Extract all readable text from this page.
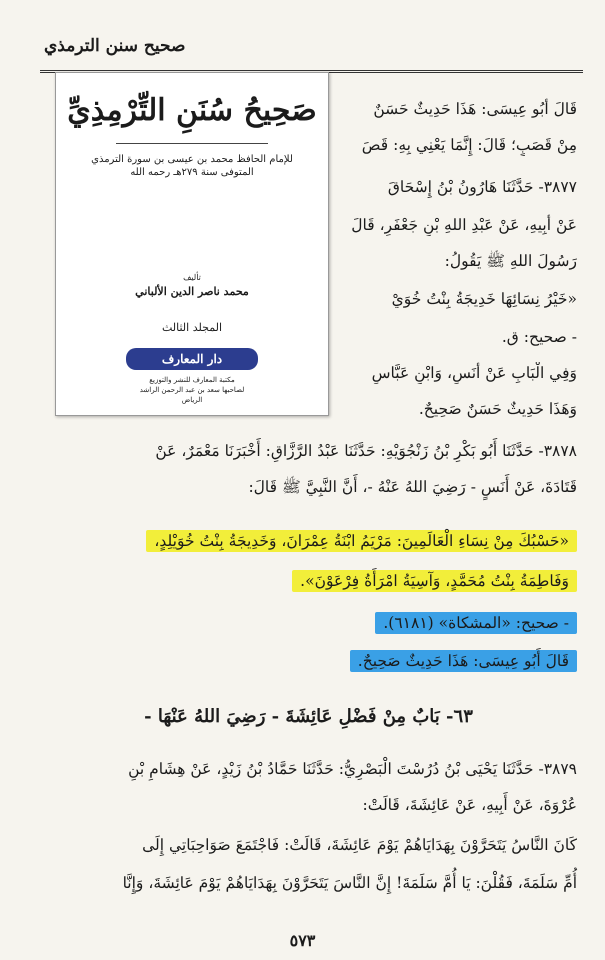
صحيح سنن الترمذي
قَالَ أَبُو عِيسَى: هَذَا حَدِيثٌ حَسَنٌ
مِنْ قَصَبٍ؛ قَالَ: إِنَّمَا يَعْنِي بِهِ: قَصَ
٣٨٧٧- حَدَّثَنَا هَارُونُ بْنُ إِسْحَاقَ
عَنْ أَبِيهِ، عَنْ عَبْدِ اللهِ بْنِ جَعْفَرٍ، قَالَ
رَسُولَ اللهِ ﷺ يَقُولُ:
«خَيْرُ نِسَائِهَا خَدِيجَةُ بِنْتُ خُوَيْ
- صحيح: ق.
وَفِي الْبَابِ عَنْ أَنَسٍ، وَابْنِ عَبَّاسٍ
وَهَذَا حَدِيثٌ حَسَنٌ صَحِيحٌ.
صَحِيحُ سُنَنِ التِّرْمِذِيِّ
للإمام الحافظ محمد بن عيسى بن سورة الترمذي
المتوفى سنة ٢٧٩هـ رحمه الله
تأليف
محمد ناصر الدين الألباني
المجلد الثالث
دار المعارف
مكتبة المعارف للنشر والتوزيع
لصاحبها سعد بن عبد الرحمن الراشد
الرياض
٣٨٧٨- حَدَّثَنَا أَبُو بَكْرِ بْنُ زَنْجُوَيْهِ: حَدَّثَنَا عَبْدُ الرَّزَّاقِ: أَخْبَرَنَا مَعْمَرٌ، عَنْ
قَتَادَةَ، عَنْ أَنَسٍ - رَضِيَ اللهُ عَنْهُ -، أَنَّ النَّبِيَّ ﷺ قَالَ:
«حَسْبُكَ مِنْ نِسَاءِ الْعَالَمِينَ: مَرْيَمُ ابْنَةُ عِمْرَانَ، وَخَدِيجَةُ بِنْتُ خُوَيْلِدٍ،
وَفَاطِمَةُ بِنْتُ مُحَمَّدٍ، وَآسِيَةُ امْرَأَةُ فِرْعَوْنَ».
- صحيح: «المشكاة» (٦١٨١).
قَالَ أَبُو عِيسَى: هَذَا حَدِيثٌ صَحِيحٌ.
٦٣- بَابٌ مِنْ فَضْلِ عَائِشَةَ - رَضِيَ اللهُ عَنْهَا -
٣٨٧٩- حَدَّثَنَا يَحْيَى بْنُ دُرُسْتَ الْبَصْرِيُّ: حَدَّثَنَا حَمَّادُ بْنُ زَيْدٍ، عَنْ هِشَامِ بْنِ
عُرْوَةَ، عَنْ أَبِيهِ، عَنْ عَائِشَةَ، قَالَتْ:
كَانَ النَّاسُ يَتَحَرَّوْنَ بِهَدَايَاهُمْ يَوْمَ عَائِشَةَ، قَالَتْ: فَاجْتَمَعَ صَوَاحِبَاتِي إِلَى
أُمِّ سَلَمَةَ، فَقُلْنَ: يَا أُمَّ سَلَمَةَ! إِنَّ النَّاسَ يَتَحَرَّوْنَ بِهَدَايَاهُمْ يَوْمَ عَائِشَةَ، وَإِنَّا
٥٧٣
